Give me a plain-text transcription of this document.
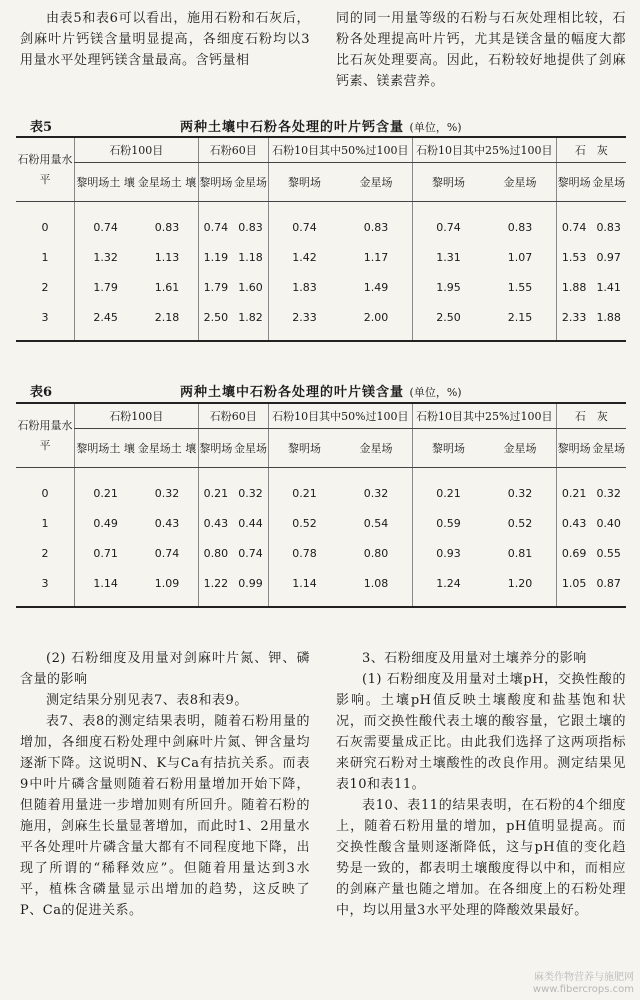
由表5和表6可以看出，施用石粉和石灰后，剑麻叶片钙镁含量明显提高，各细度石粉均以3用量水平处理钙镁含量最高。含钙量相

同的同一用量等级的石粉与石灰处理相比较，石粉各处理提高叶片钙，尤其是镁含量的幅度大都比石灰处理要高。因此，石粉较好地提供了剑麻钙素、镁素营养。

表5	两种土壤中石粉各处理的叶片钙含量 (单位，%)
石粉用量水平	石粉100目		石粉60目		石粉10目其中50%过100目		石粉10目其中25%过100目		石　灰	
	黎明场土 壤	金星场土 壤	黎明场	金星场	黎明场	金星场	黎明场	金星场	黎明场	金星场
0	0.74	0.83	0.74	0.83	0.74	0.83	0.74	0.83	0.74	0.83
1	1.32	1.13	1.19	1.18	1.42	1.17	1.31	1.07	1.53	0.97
2	1.79	1.61	1.79	1.60	1.83	1.49	1.95	1.55	1.88	1.41
3	2.45	2.18	2.50	1.82	2.33	2.00	2.50	2.15	2.33	1.88
表6	两种土壤中石粉各处理的叶片镁含量 (单位，%)
石粉用量水平	石粉100目		石粉60目		石粉10目其中50%过100目		石粉10目其中25%过100目		石　灰	
	黎明场土 壤	金星场土 壤	黎明场	金星场	黎明场	金星场	黎明场	金星场	黎明场	金星场
0	0.21	0.32	0.21	0.32	0.21	0.32	0.21	0.32	0.21	0.32
1	0.49	0.43	0.43	0.44	0.52	0.54	0.59	0.52	0.43	0.40
2	0.71	0.74	0.80	0.74	0.78	0.80	0.93	0.81	0.69	0.55
3	1.14	1.09	1.22	0.99	1.14	1.08	1.24	1.20	1.05	0.87

(2) 石粉细度及用量对剑麻叶片氮、钾、磷含量的影响

测定结果分别见表7、表8和表9。

表7、表8的测定结果表明，随着石粉用量的增加，各细度石粉处理中剑麻叶片氮、钾含量均逐渐下降。这说明N、K与Ca有拮抗关系。而表9中叶片磷含量则随着石粉用量增加开始下降，但随着用量进一步增加则有所回升。随着石粉的施用，剑麻生长量显著增加，而此时1、2用量水平各处理叶片磷含量大都有不同程度地下降，出现了所谓的“稀释效应”。但随着用量达到3水平，植株含磷量显示出增加的趋势，这反映了P、Ca的促进关系。

3、石粉细度及用量对土壤养分的影响

(1) 石粉细度及用量对土壤pH，交换性酸的影响。土壤pH值反映土壤酸度和盐基饱和状况，而交换性酸代表土壤的酸容量，它跟土壤的石灰需要量成正比。由此我们选择了这两项指标来研究石粉对土壤酸性的改良作用。测定结果见表10和表11。

表10、表11的结果表明，在石粉的4个细度上，随着石粉用量的增加，pH值明显提高。而交换性酸含量则逐渐降低，这与pH值的变化趋势是一致的，都表明土壤酸度得以中和，而相应的剑麻产量也随之增加。在各细度上的石粉处理中，均以用量3水平处理的降酸效果最好。

麻类作物营养与施肥网
www.fibercrops.com
